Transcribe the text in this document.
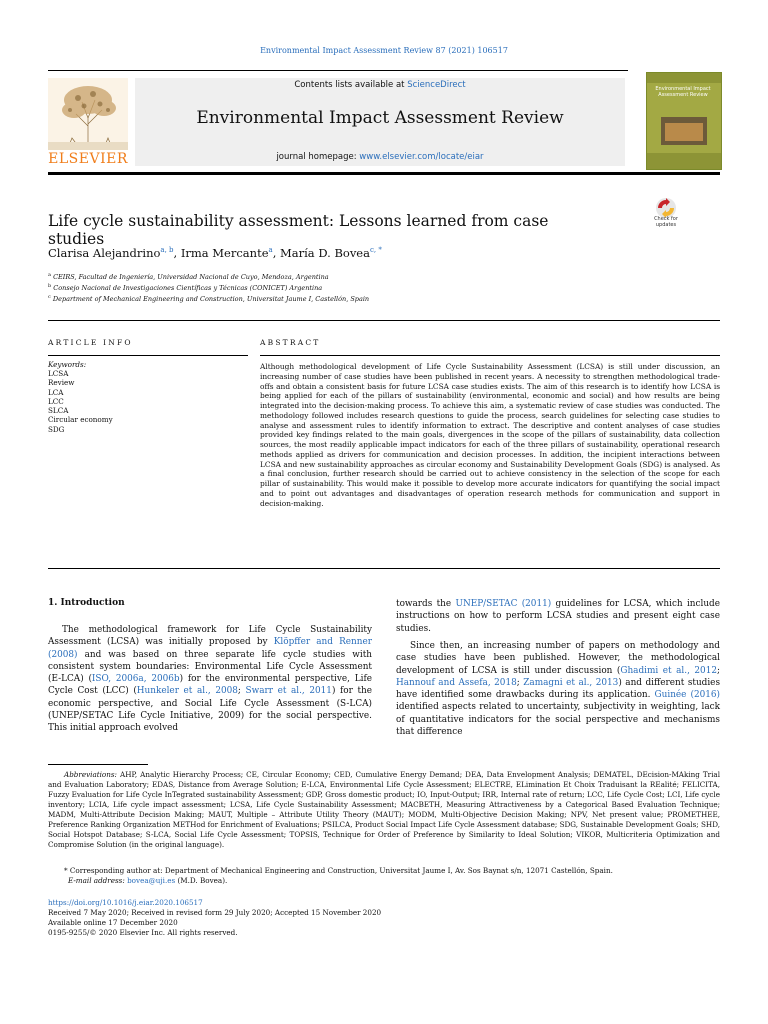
Environmental Impact Assessment Review 87 (2021) 106517
ELSEVIER
Contents lists available at ScienceDirect
Environmental Impact Assessment Review
journal homepage: www.elsevier.com/locate/eiar
Environmental Impact Assessment Review
Life cycle sustainability assessment: Lessons learned from case studies
Check for
updates
Clarisa Alejandrino$^{a, b}$, Irma Mercante$^a$, María D. Bovea$^{c, *}$
$^a$ CEIRS, Facultad de Ingeniería, Universidad Nacional de Cuyo, Mendoza, Argentina
$^b$ Consejo Nacional de Investigaciones Científicas y Técnicas (CONICET) Argentina
$^c$ Department of Mechanical Engineering and Construction, Universitat Jaume I, Castellón, Spain
ARTICLE INFO
Keywords:
LCSA
Review
LCA
LCC
SLCA
Circular economy
SDG
ABSTRACT
Although methodological development of Life Cycle Sustainability Assessment (LCSA) is still under discussion, an increasing number of case studies have been published in recent years. A necessity to strengthen methodological trade-offs and obtain a consistent basis for future LCSA case studies exists. The aim of this research is to identify how LCSA is being applied for each of the pillars of sustainability (environmental, economic and social) and how results are being integrated into the decision-making process. To achieve this aim, a systematic review of case studies was conducted. The methodology followed includes research questions to guide the process, search guidelines for selecting case studies to analyse and assessment rules to identify information to extract. The descriptive and content analyses of case studies provided key findings related to the main goals, divergences in the scope of the pillars of sustainability, data collection sources, the most readily applicable impact indicators for each of the three pillars of sustainability, operational research methods applied as drivers for communication and decision processes. In addition, the incipient interactions between LCSA and new sustainability approaches as circular economy and Sustainability Development Goals (SDG) is analysed. As a final conclusion, further research should be carried out to achieve consistency in the selection of the scope for each pillar of sustainability. This would make it possible to develop more accurate indicators for quantifying the social impact and to point out advantages and disadvantages of operation research methods for communication and support in decision-making.
1. Introduction
The methodological framework for Life Cycle Sustainability Assessment (LCSA) was initially proposed by Klöpffer and Renner (2008) and was based on three separate life cycle studies with consistent system boundaries: Environmental Life Cycle Assessment (E-LCA) (ISO, 2006a, 2006b) for the environmental perspective, Life Cycle Cost (LCC) (Hunkeler et al., 2008; Swarr et al., 2011) for the economic perspective, and Social Life Cycle Assessment (S-LCA) (UNEP/SETAC Life Cycle Initiative, 2009) for the social perspective. This initial approach evolved
towards the UNEP/SETAC (2011) guidelines for LCSA, which include instructions on how to perform LCSA studies and present eight case studies.
Since then, an increasing number of papers on methodology and case studies have been published. However, the methodological development of LCSA is still under discussion (Ghadimi et al., 2012; Hannouf and Assefa, 2018; Zamagni et al., 2013) and different studies have identified some drawbacks during its application. Guinée (2016) identified aspects related to uncertainty, subjectivity in weighting, lack of quantitative indicators for the social perspective and mechanisms that difference
Abbreviations: AHP, Analytic Hierarchy Process; CE, Circular Economy; CED, Cumulative Energy Demand; DEA, Data Envelopment Analysis; DEMATEL, DEcision-MAking Trial and Evaluation Laboratory; EDAS, Distance from Average Solution; E-LCA, Environmental Life Cycle Assessment; ELECTRE, ELimination Et Choix Traduisant la REalité; FELICITA, Fuzzy Evaluation for Life Cycle InTegrated sustainability Assessment; GDP, Gross domestic product; IO, Input-Output; IRR, Internal rate of return; LCC, Life Cycle Cost; LCI, Life cycle inventory; LCIA, Life cycle impact assessment; LCSA, Life Cycle Sustainability Assessment; MACBETH, Measuring Attractiveness by a Categorical Based Evaluation Technique; MADM, Multi-Attribute Decision Making; MAUT, Multiple – Attribute Utility Theory (MAUT); MODM, Multi-Objective Decision Making; NPV, Net present value; PROMETHEE, Preference Ranking Organization METHod for Enrichment of Evaluations; PSILCA, Product Social Impact Life Cycle Assessment database; SDG, Sustainable Development Goals; SHD, Social Hotspot Database; S-LCA, Social Life Cycle Assessment; TOPSIS, Technique for Order of Preference by Similarity to Ideal Solution; VIKOR, Multicriteria Optimization and Compromise Solution (in the original language).
* Corresponding author at: Department of Mechanical Engineering and Construction, Universitat Jaume I, Av. Sos Baynat s/n, 12071 Castellón, Spain.
E-mail address: bovea@uji.es (M.D. Bovea).
https://doi.org/10.1016/j.eiar.2020.106517
Received 7 May 2020; Received in revised form 29 July 2020; Accepted 15 November 2020
Available online 17 December 2020
0195-9255/© 2020 Elsevier Inc. All rights reserved.
